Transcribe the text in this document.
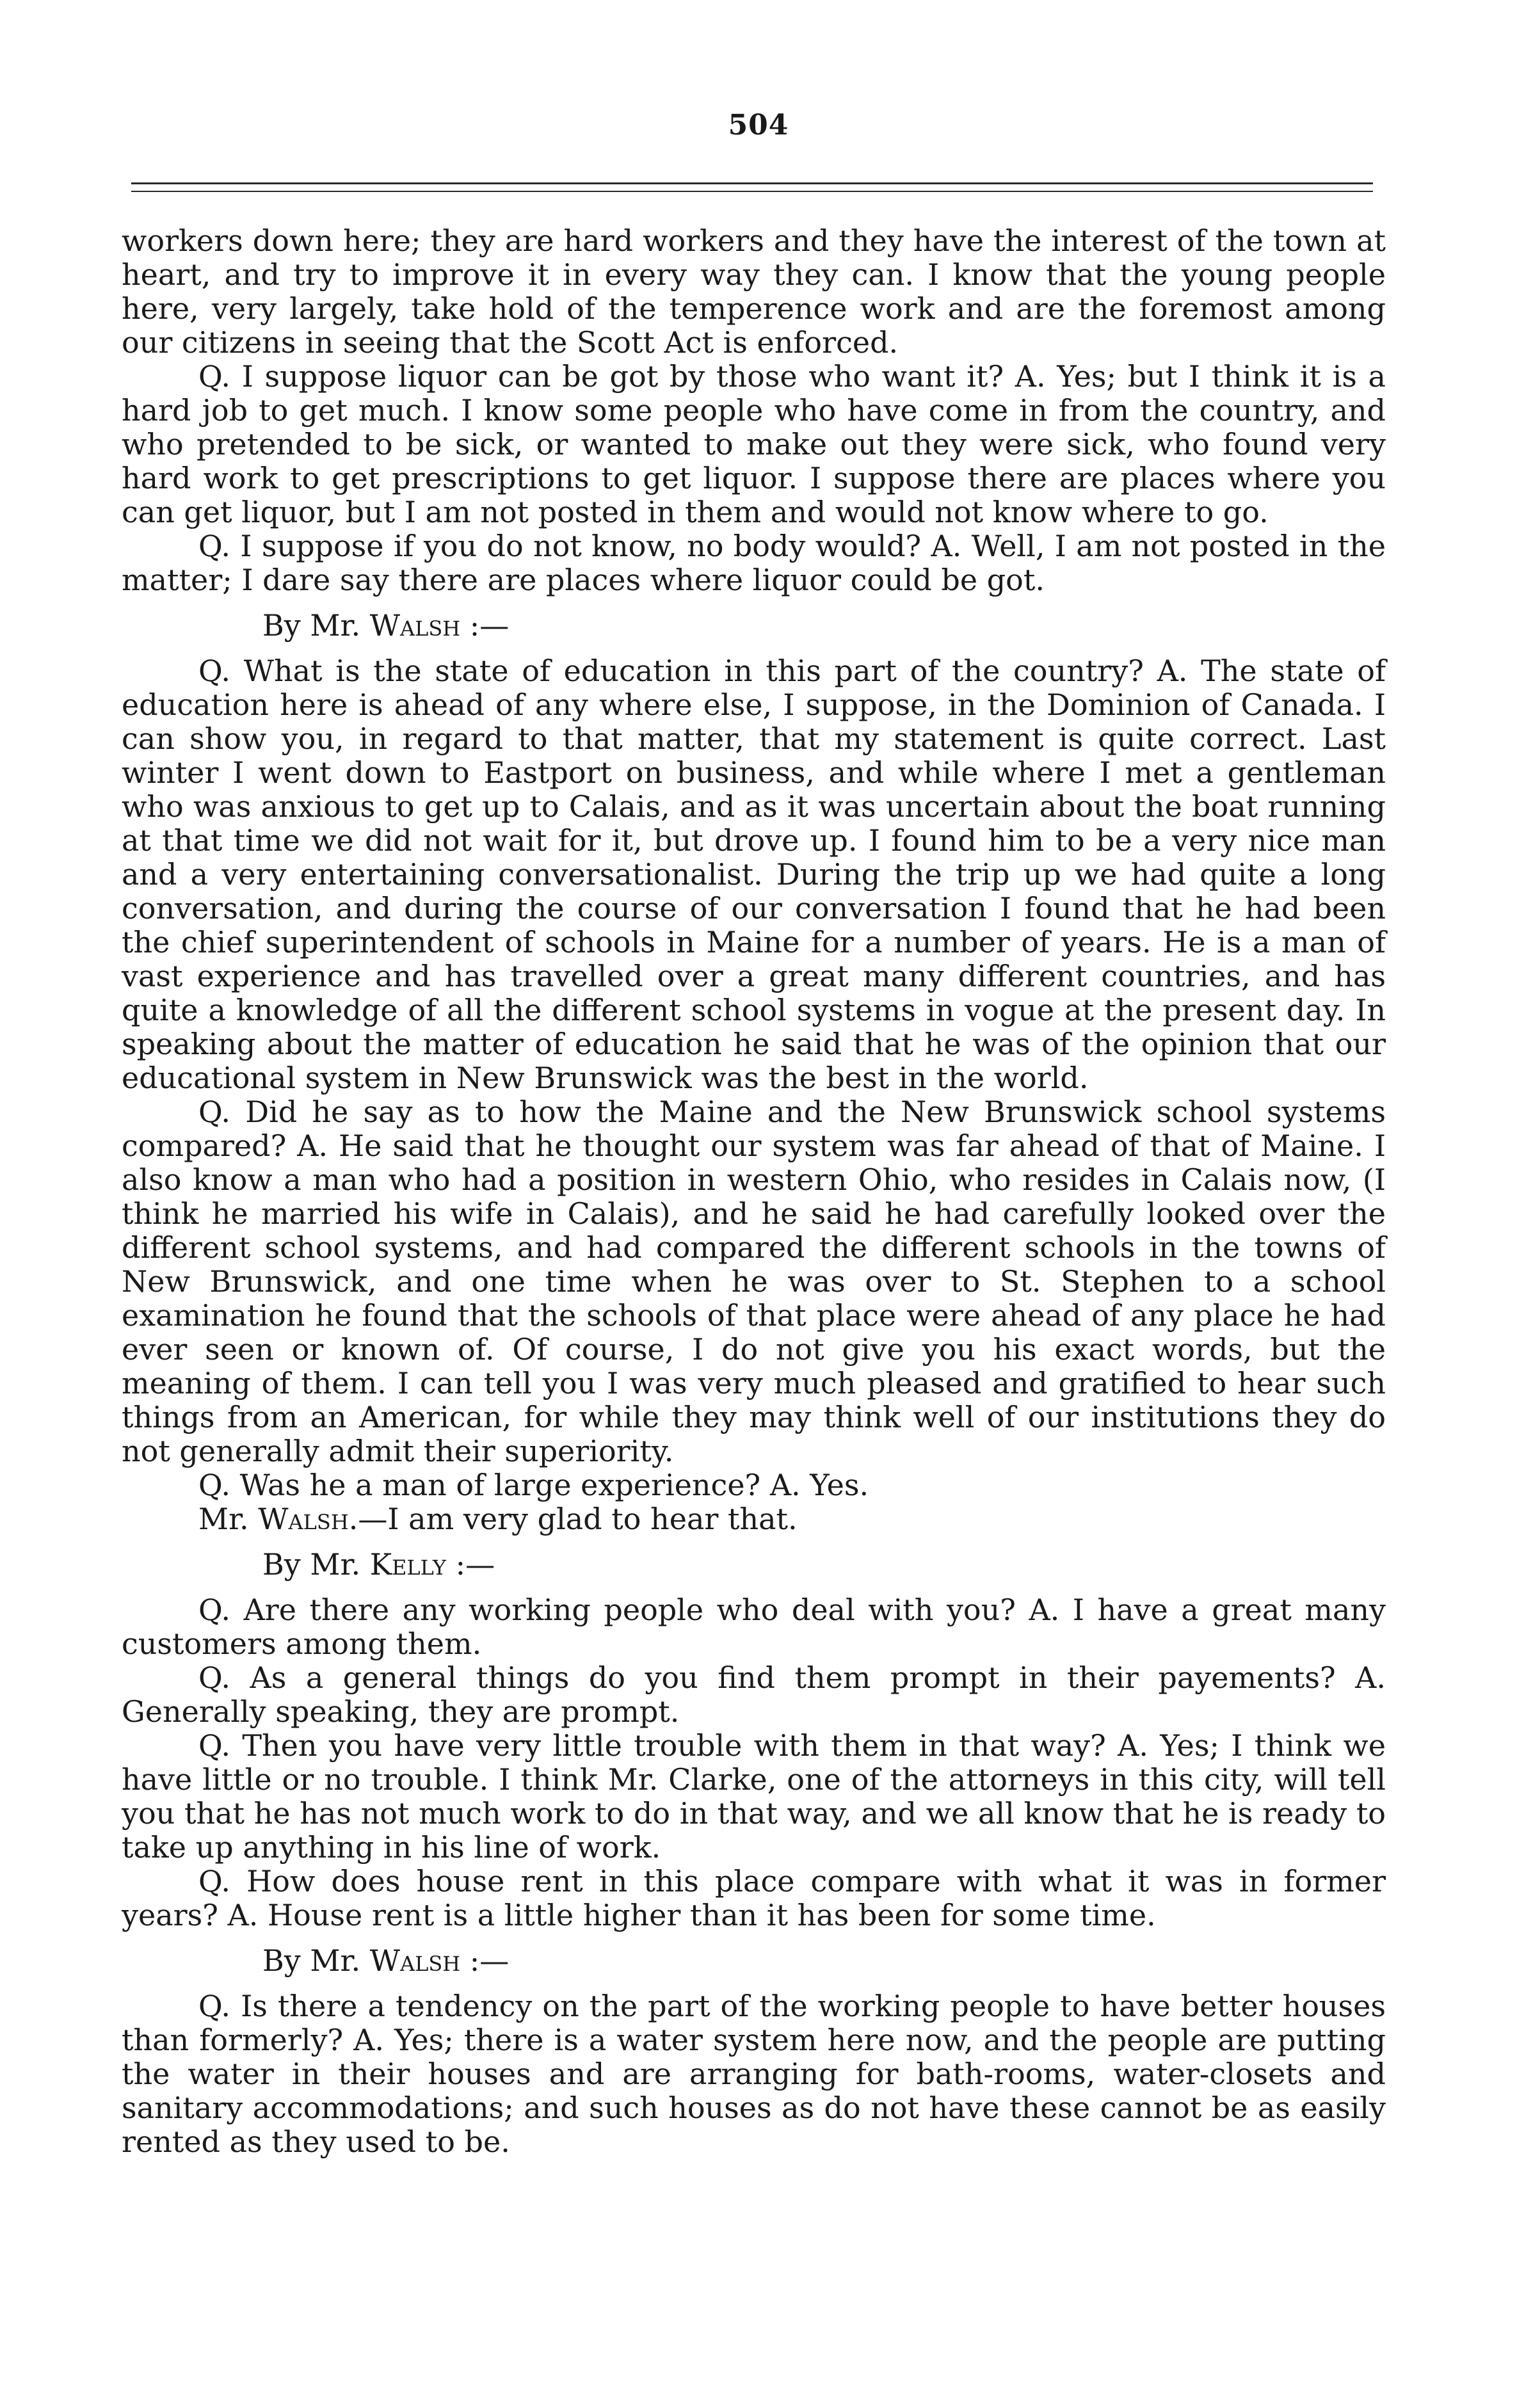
504

workers down here; they are hard workers and they have the interest of the town at heart, and try to improve it in every way they can. I know that the young people here, very largely, take hold of the temperence work and are the foremost among our citizens in seeing that the Scott Act is enforced.

Q. I suppose liquor can be got by those who want it? A. Yes; but I think it is a hard job to get much. I know some people who have come in from the country, and who pretended to be sick, or wanted to make out they were sick, who found very hard work to get prescriptions to get liquor. I suppose there are places where you can get liquor, but I am not posted in them and would not know where to go.

Q. I suppose if you do not know, no body would? A. Well, I am not posted in the matter; I dare say there are places where liquor could be got.

By Mr. Walsh :—

Q. What is the state of education in this part of the country? A. The state of education here is ahead of any where else, I suppose, in the Dominion of Canada. I can show you, in regard to that matter, that my statement is quite correct. Last winter I went down to Eastport on business, and while where I met a gentleman who was anxious to get up to Calais, and as it was uncertain about the boat running at that time we did not wait for it, but drove up. I found him to be a very nice man and a very entertaining conversationalist. During the trip up we had quite a long conversation, and during the course of our conversation I found that he had been the chief superintendent of schools in Maine for a number of years. He is a man of vast experience and has travelled over a great many different countries, and has quite a knowledge of all the different school systems in vogue at the present day. In speaking about the matter of education he said that he was of the opinion that our educational system in New Brunswick was the best in the world.

Q. Did he say as to how the Maine and the New Brunswick school systems compared? A. He said that he thought our system was far ahead of that of Maine. I also know a man who had a position in western Ohio, who resides in Calais now, (I think he married his wife in Calais), and he said he had carefully looked over the different school systems, and had compared the different schools in the towns of New Brunswick, and one time when he was over to St. Stephen to a school examination he found that the schools of that place were ahead of any place he had ever seen or known of. Of course, I do not give you his exact words, but the meaning of them. I can tell you I was very much pleased and gratified to hear such things from an American, for while they may think well of our institutions they do not generally admit their superiority.

Q. Was he a man of large experience? A. Yes.

Mr. Walsh.—I am very glad to hear that.

By Mr. Kelly :—

Q. Are there any working people who deal with you? A. I have a great many customers among them.

Q. As a general things do you find them prompt in their payements? A. Generally speaking, they are prompt.

Q. Then you have very little trouble with them in that way? A. Yes; I think we have little or no trouble. I think Mr. Clarke, one of the attorneys in this city, will tell you that he has not much work to do in that way, and we all know that he is ready to take up anything in his line of work.

Q. How does house rent in this place compare with what it was in former years? A. House rent is a little higher than it has been for some time.

By Mr. Walsh :—

Q. Is there a tendency on the part of the working people to have better houses than formerly? A. Yes; there is a water system here now, and the people are putting the water in their houses and are arranging for bath-rooms, water-closets and sanitary accommodations; and such houses as do not have these cannot be as easily rented as they used to be.
